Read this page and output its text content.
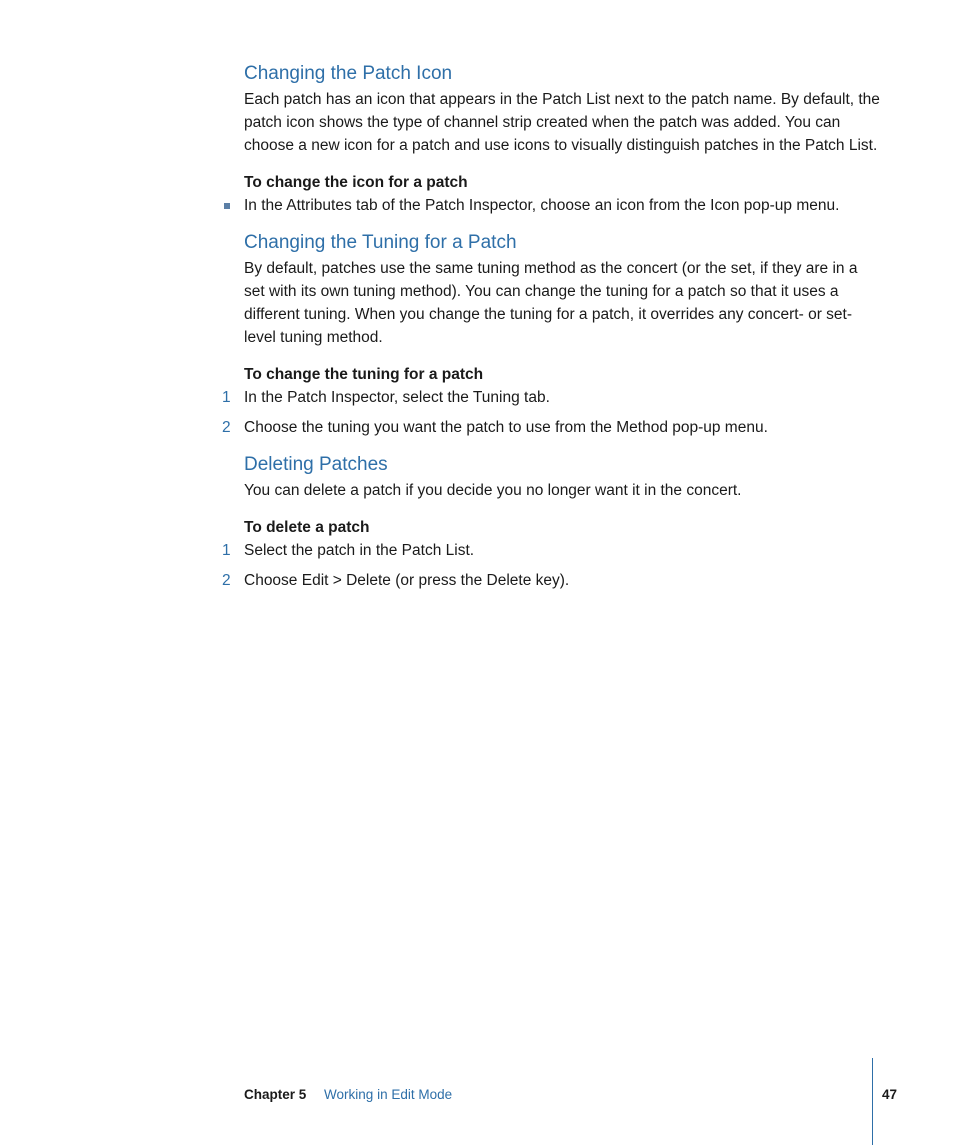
Changing the Patch Icon

Each patch has an icon that appears in the Patch List next to the patch name. By default, the patch icon shows the type of channel strip created when the patch was added. You can choose a new icon for a patch and use icons to visually distinguish patches in the Patch List.

To change the icon for a patch

In the Attributes tab of the Patch Inspector, choose an icon from the Icon pop-up menu.

Changing the Tuning for a Patch

By default, patches use the same tuning method as the concert (or the set, if they are in a set with its own tuning method). You can change the tuning for a patch so that it uses a different tuning. When you change the tuning for a patch, it overrides any concert- or set-level tuning method.

To change the tuning for a patch

1 In the Patch Inspector, select the Tuning tab.

2 Choose the tuning you want the patch to use from the Method pop-up menu.

Deleting Patches

You can delete a patch if you decide you no longer want it in the concert.

To delete a patch

1 Select the patch in the Patch List.

2 Choose Edit > Delete (or press the Delete key).

Chapter 5 Working in Edit Mode	47
